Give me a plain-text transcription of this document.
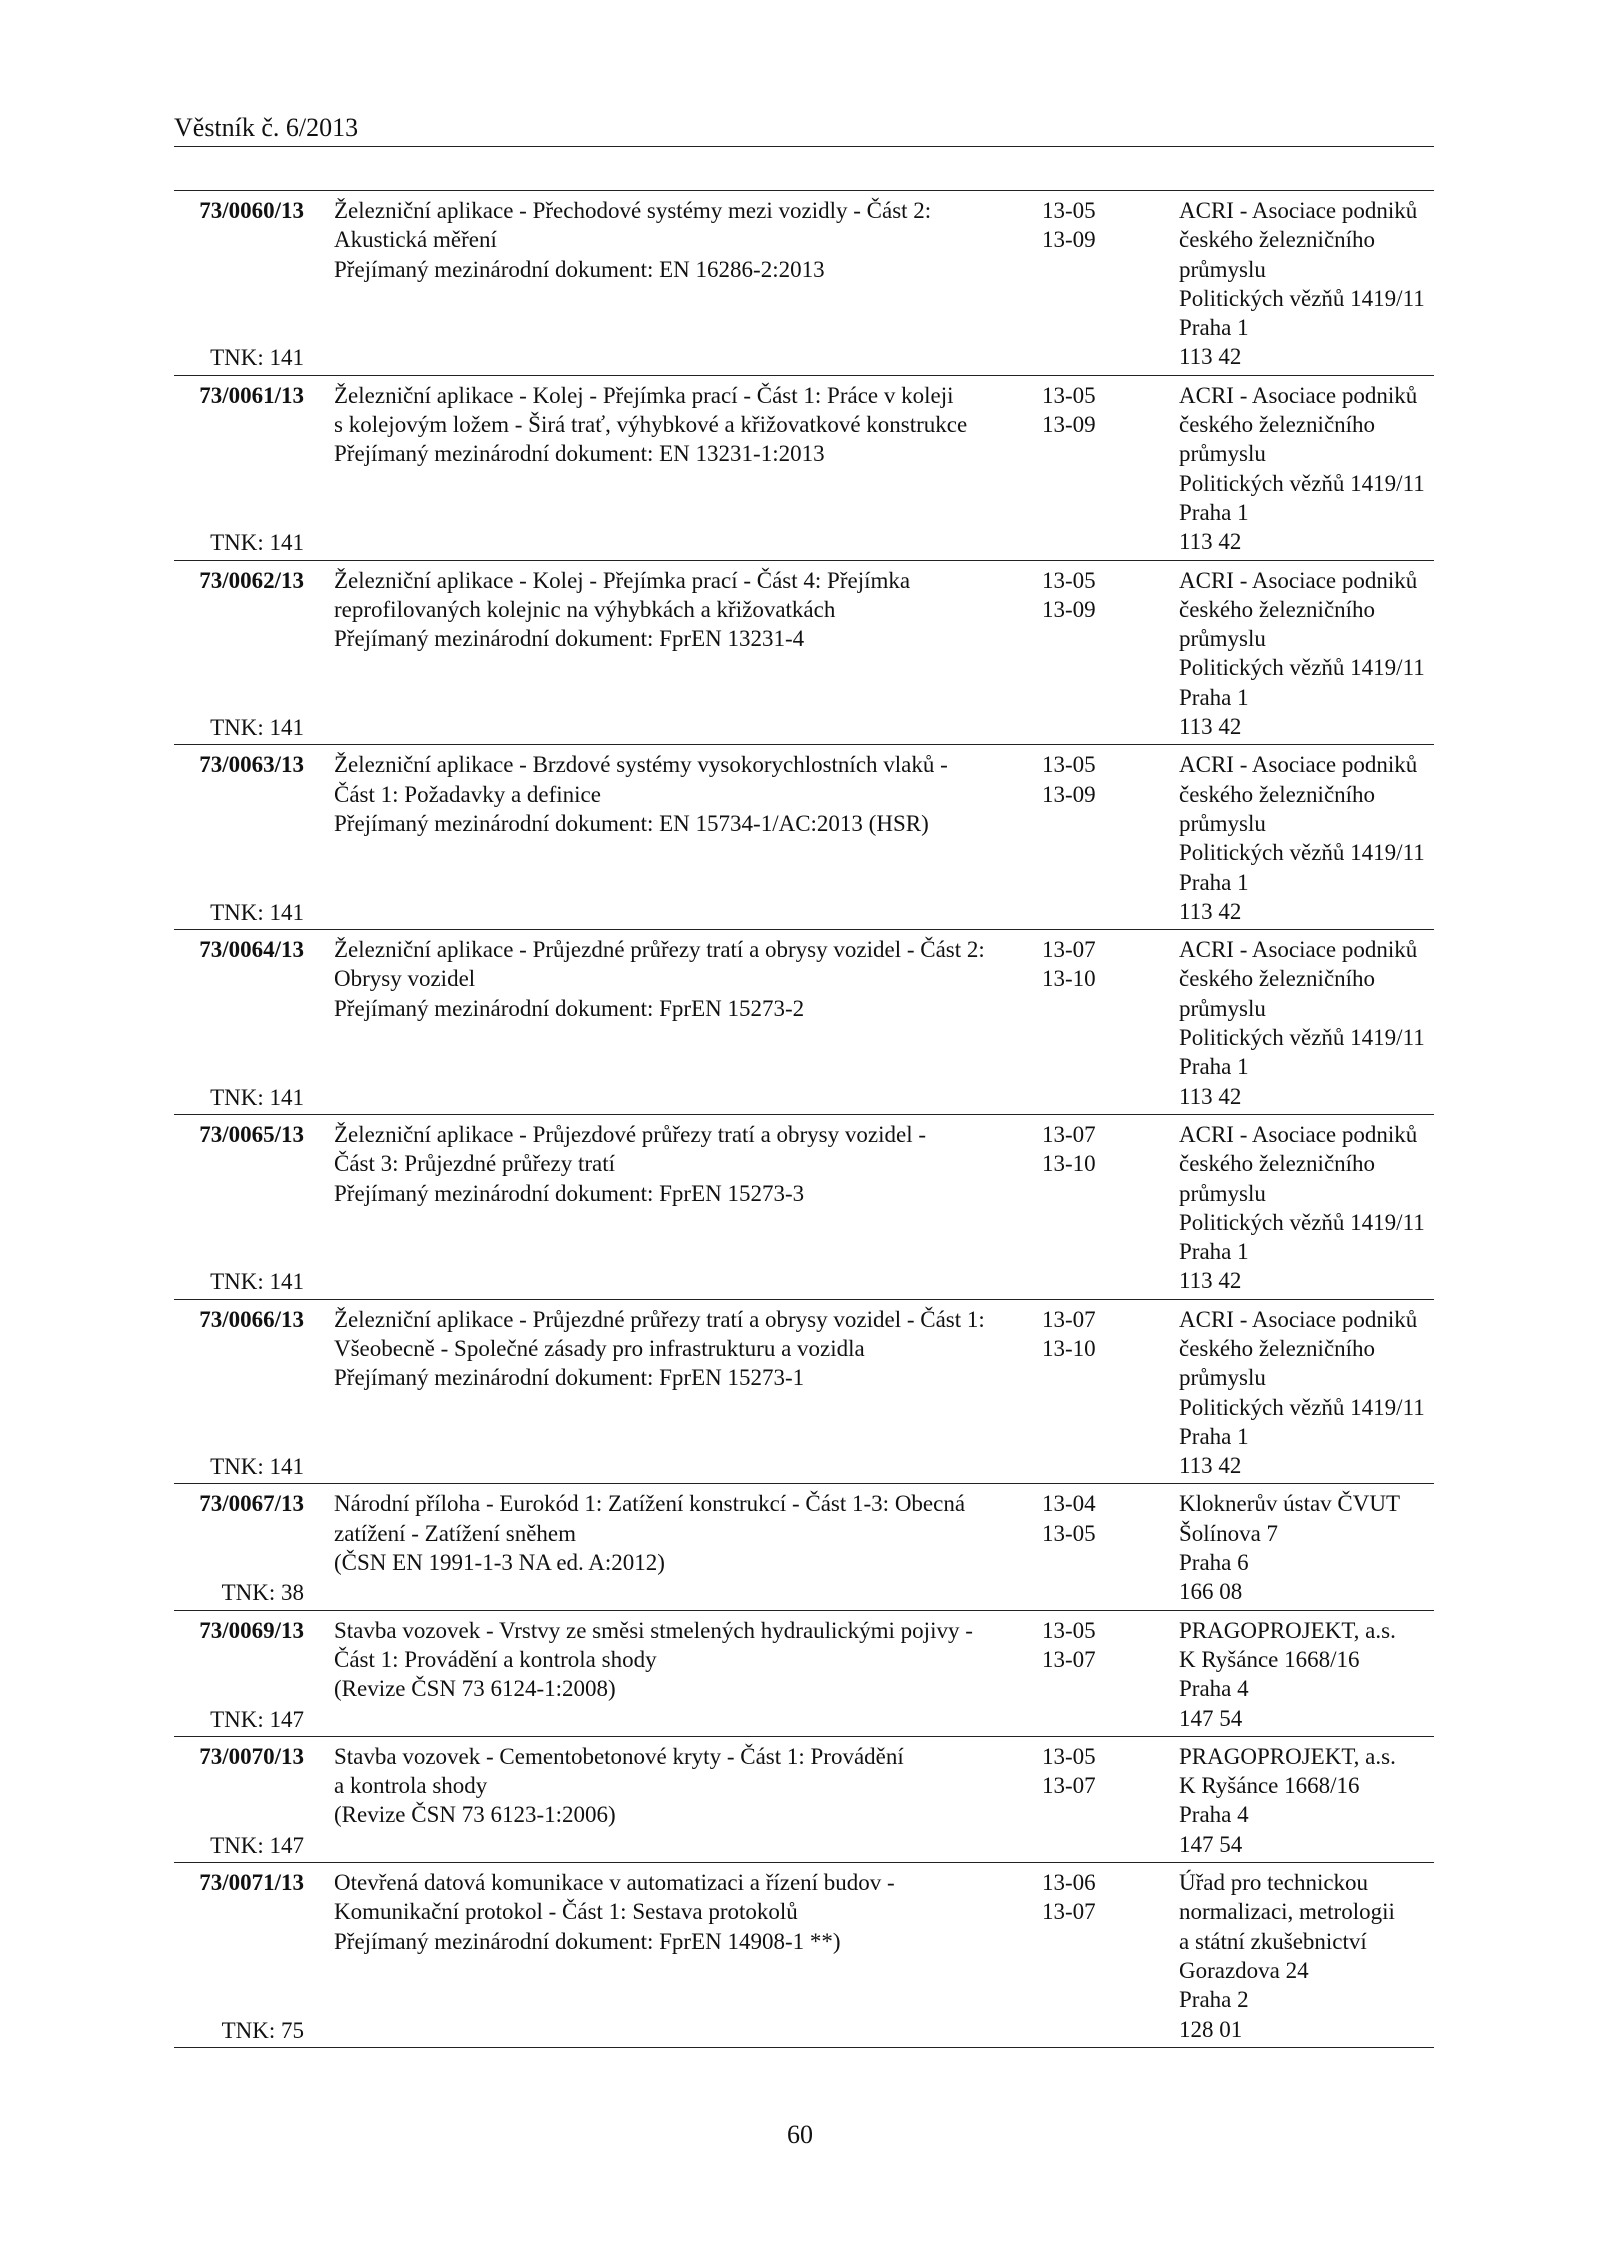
Věstník č. 6/2013
73/0060/13
TNK: 141
Železniční aplikace - Přechodové systémy mezi vozidly - Část 2:
Akustická měření
Přejímaný mezinárodní dokument: EN 16286-2:2013

13-05
13-09
ACRI - Asociace podniků
českého železničního
průmyslu
Politických vězňů 1419/11
Praha 1
113 42
73/0061/13
TNK: 141
Železniční aplikace - Kolej - Přejímka prací - Část 1: Práce v koleji
s kolejovým ložem - Širá trať, výhybkové a křižovatkové konstrukce
Přejímaný mezinárodní dokument: EN 13231-1:2013

13-05
13-09
ACRI - Asociace podniků
českého železničního
průmyslu
Politických vězňů 1419/11
Praha 1
113 42
73/0062/13
TNK: 141
Železniční aplikace - Kolej - Přejímka prací - Část 4: Přejímka
reprofilovaných kolejnic na výhybkách a křižovatkách
Přejímaný mezinárodní dokument: FprEN 13231-4

13-05
13-09
ACRI - Asociace podniků
českého železničního
průmyslu
Politických vězňů 1419/11
Praha 1
113 42
73/0063/13
TNK: 141
Železniční aplikace - Brzdové systémy vysokorychlostních vlaků -
Část 1: Požadavky a definice
Přejímaný mezinárodní dokument: EN 15734-1/AC:2013 (HSR)

13-05
13-09
ACRI - Asociace podniků
českého železničního
průmyslu
Politických vězňů 1419/11
Praha 1
113 42
73/0064/13
TNK: 141
Železniční aplikace - Průjezdné průřezy tratí a obrysy vozidel - Část 2:
Obrysy vozidel
Přejímaný mezinárodní dokument: FprEN 15273-2

13-07
13-10
ACRI - Asociace podniků
českého železničního
průmyslu
Politických vězňů 1419/11
Praha 1
113 42
73/0065/13
TNK: 141
Železniční aplikace - Průjezdové průřezy tratí a obrysy vozidel -
Část 3: Průjezdné průřezy tratí
Přejímaný mezinárodní dokument: FprEN 15273-3

13-07
13-10
ACRI - Asociace podniků
českého železničního
průmyslu
Politických vězňů 1419/11
Praha 1
113 42
73/0066/13
TNK: 141
Železniční aplikace - Průjezdné průřezy tratí a obrysy vozidel - Část 1:
Všeobecně - Společné zásady pro infrastrukturu a vozidla
Přejímaný mezinárodní dokument: FprEN 15273-1

13-07
13-10
ACRI - Asociace podniků
českého železničního
průmyslu
Politických vězňů 1419/11
Praha 1
113 42
73/0067/13
TNK: 38
Národní příloha - Eurokód 1: Zatížení konstrukcí - Část 1-3: Obecná
zatížení - Zatížení sněhem
(ČSN EN 1991-1-3 NA ed. A:2012)

13-04
13-05
Kloknerův ústav ČVUT
Šolínova 7
Praha 6
166 08
73/0069/13
TNK: 147
Stavba vozovek - Vrstvy ze směsi stmelených hydraulickými pojivy -
Část 1: Provádění a kontrola shody
(Revize ČSN 73 6124-1:2008)

13-05
13-07
PRAGOPROJEKT, a.s.
K Ryšánce 1668/16
Praha 4
147 54
73/0070/13
TNK: 147
Stavba vozovek - Cementobetonové kryty - Část 1: Provádění
a kontrola shody
(Revize ČSN 73 6123-1:2006)

13-05
13-07
PRAGOPROJEKT, a.s.
K Ryšánce 1668/16
Praha 4
147 54
73/0071/13
TNK: 75
Otevřená datová komunikace v automatizaci a řízení budov -
Komunikační protokol - Část 1: Sestava protokolů
Přejímaný mezinárodní dokument: FprEN 14908-1 **)

13-06
13-07
Úřad pro technickou
normalizaci, metrologii
a státní zkušebnictví
Gorazdova 24
Praha 2
128 01
60
